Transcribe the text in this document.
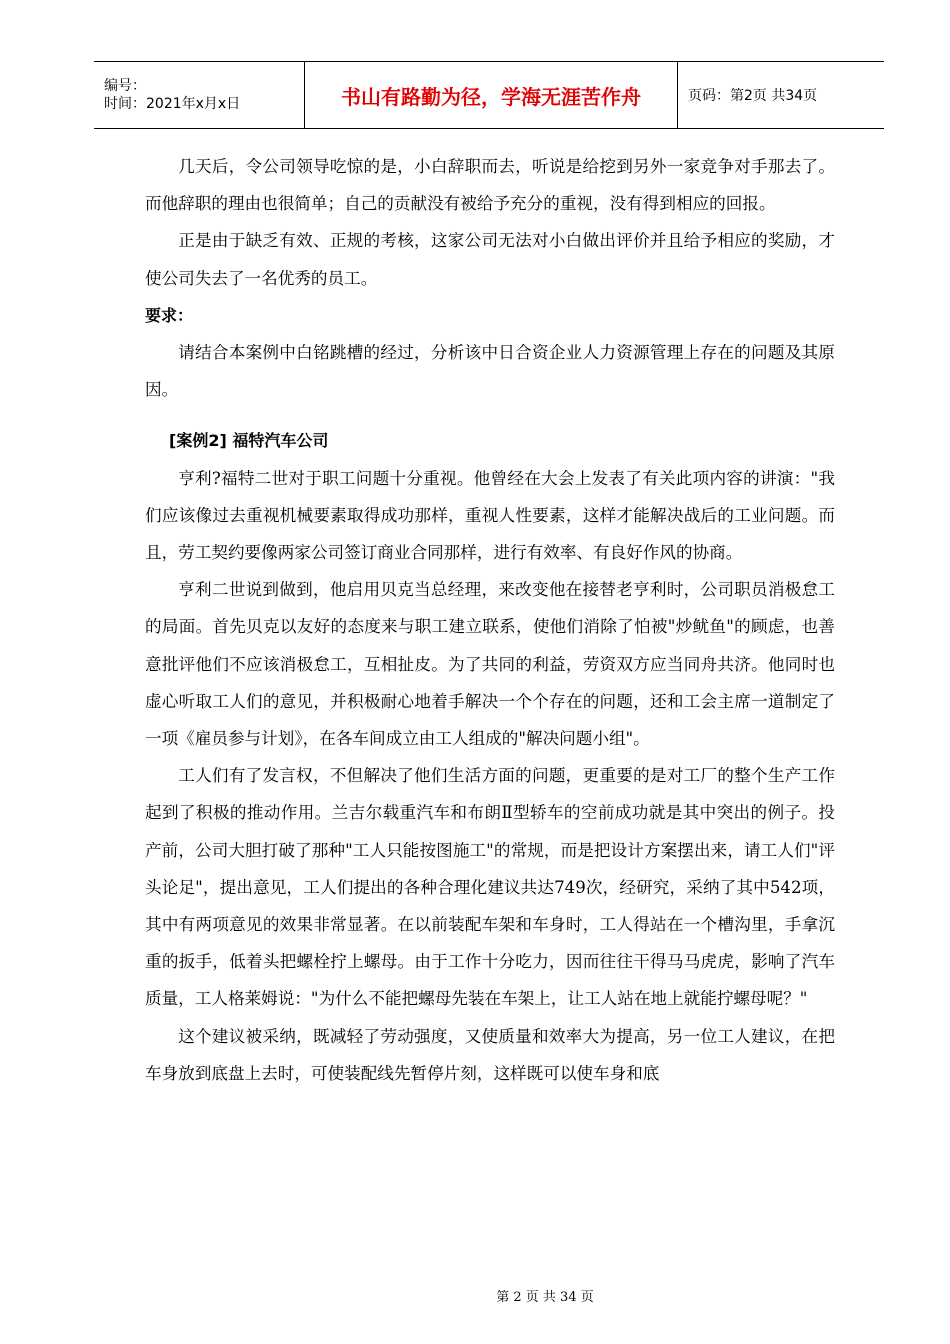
编号：
时间：2021年x月x日	书山有路勤为径，学海无涯苦作舟	页码：第2页 共34页

几天后，令公司领导吃惊的是，小白辞职而去，听说是给挖到另外一家竞争对手那去了。而他辞职的理由也很简单；自己的贡献没有被给予充分的重视，没有得到相应的回报。

正是由于缺乏有效、正规的考核，这家公司无法对小白做出评价并且给予相应的奖励，才使公司失去了一名优秀的员工。

要求：

请结合本案例中白铭跳槽的经过，分析该中日合资企业人力资源管理上存在的问题及其原因。

[案例2] 福特汽车公司

亨利?福特二世对于职工问题十分重视。他曾经在大会上发表了有关此项内容的讲演："我们应该像过去重视机械要素取得成功那样，重视人性要素，这样才能解决战后的工业问题。而且，劳工契约要像两家公司签订商业合同那样，进行有效率、有良好作风的协商。

亨利二世说到做到，他启用贝克当总经理，来改变他在接替老亨利时，公司职员消极怠工的局面。首先贝克以友好的态度来与职工建立联系，使他们消除了怕被"炒鱿鱼"的顾虑，也善意批评他们不应该消极怠工，互相扯皮。为了共同的利益，劳资双方应当同舟共济。他同时也虚心听取工人们的意见，并积极耐心地着手解决一个个存在的问题，还和工会主席一道制定了一项《雇员参与计划》，在各车间成立由工人组成的"解决问题小组"。

工人们有了发言权，不但解决了他们生活方面的问题，更重要的是对工厂的整个生产工作起到了积极的推动作用。兰吉尔载重汽车和布朗Ⅱ型轿车的空前成功就是其中突出的例子。投产前，公司大胆打破了那种"工人只能按图施工"的常规，而是把设计方案摆出来，请工人们"评头论足"，提出意见，工人们提出的各种合理化建议共达749次，经研究，采纳了其中542项，其中有两项意见的效果非常显著。在以前装配车架和车身时，工人得站在一个槽沟里，手拿沉重的扳手，低着头把螺栓拧上螺母。由于工作十分吃力，因而往往干得马马虎虎，影响了汽车质量，工人格莱姆说："为什么不能把螺母先装在车架上，让工人站在地上就能拧螺母呢？"

这个建议被采纳，既减轻了劳动强度，又使质量和效率大为提高，另一位工人建议，在把车身放到底盘上去时，可使装配线先暂停片刻，这样既可以使车身和底

第 2 页 共 34 页
